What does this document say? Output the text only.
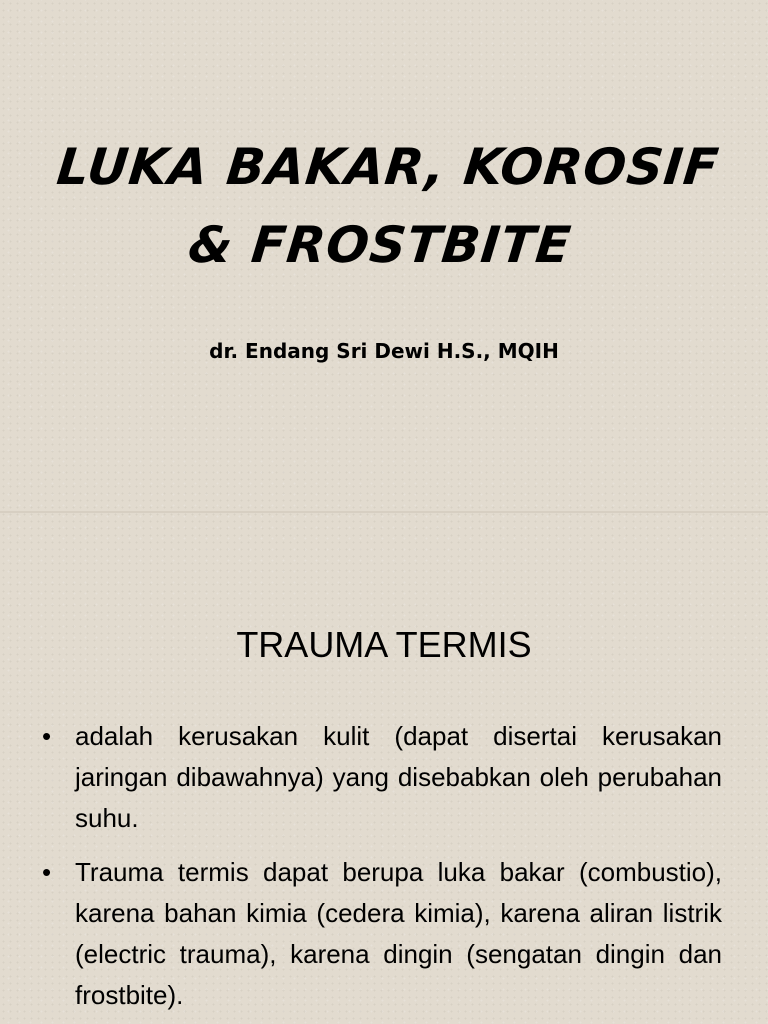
LUKA BAKAR, KOROSIF
& FROSTBITE
dr. Endang Sri Dewi H.S., MQIH
TRAUMA TERMIS
• adalah kerusakan kulit (dapat disertai kerusakan jaringan dibawahnya) yang disebabkan oleh perubahan suhu.
• Trauma termis dapat berupa luka bakar (combustio), karena bahan kimia (cedera kimia), karena aliran listrik (electric trauma), karena dingin (sengatan dingin dan frostbite).
